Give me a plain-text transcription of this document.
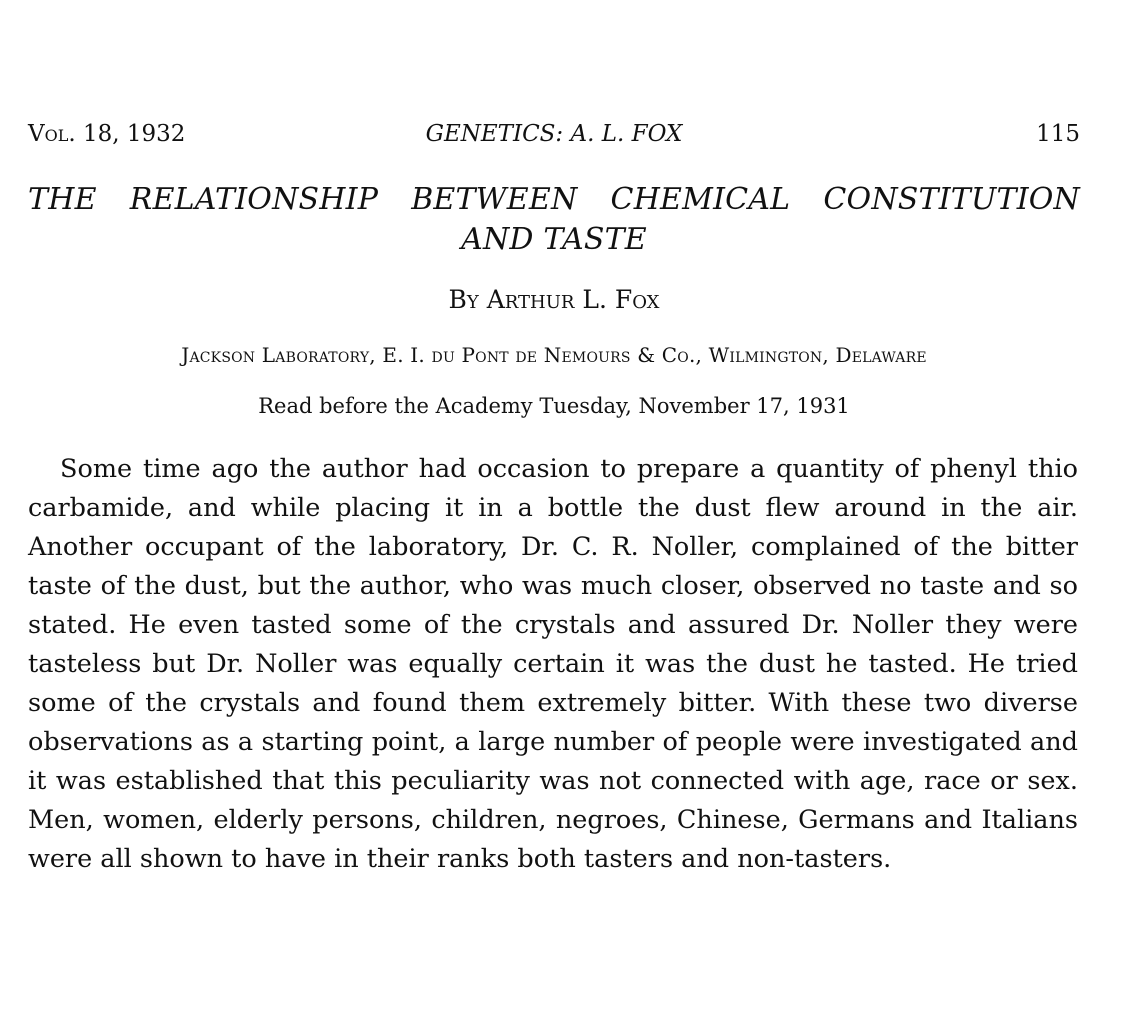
Vol. 18, 1932	GENETICS: A. L. FOX	115
THE RELATIONSHIP BETWEEN CHEMICAL CONSTITUTION
AND TASTE
By Arthur L. Fox
Jackson Laboratory, E. I. du Pont de Nemours & Co., Wilmington, Delaware
Read before the Academy Tuesday, November 17, 1931

Some time ago the author had occasion to prepare a quantity of phenyl thio carbamide, and while placing it in a bottle the dust flew around in the air. Another occupant of the laboratory, Dr. C. R. Noller, complained of the bitter taste of the dust, but the author, who was much closer, observed no taste and so stated. He even tasted some of the crystals and assured Dr. Noller they were tasteless but Dr. Noller was equally certain it was the dust he tasted. He tried some of the crystals and found them extremely bitter. With these two diverse observations as a starting point, a large number of people were investigated and it was established that this peculiarity was not connected with age, race or sex. Men, women, elderly persons, children, negroes, Chinese, Germans and Italians were all shown to have in their ranks both tasters and non-tasters.
